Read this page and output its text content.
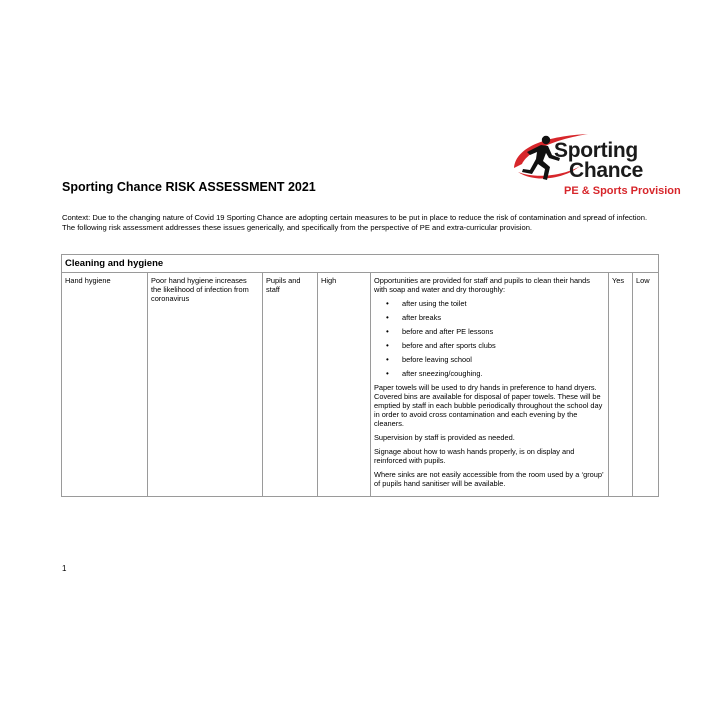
Sporting
Chance
PE & Sports Provision
Sporting Chance RISK ASSESSMENT 2021
Context: Due to the changing nature of Covid 19 Sporting Chance are adopting certain measures to be put in place to reduce the risk of contamination and spread of infection. The following risk assessment addresses these issues generically, and specifically from the perspective of PE and extra-curricular provision.
Cleaning and hygiene
Hand hygiene	Poor hand hygiene increases the likelihood of infection from coronavirus	Pupils and staff	High	Opportunities are provided for staff and pupils to clean their hands with soap and water and dry thoroughly:

• after using the toilet
• after breaks
• before and after PE lessons
• before and after sports clubs
• before leaving school
• after sneezing/coughing.

Paper towels will be used to dry hands in preference to hand dryers. Covered bins are available for disposal of paper towels. These will be emptied by staff in each bubble periodically throughout the school day in order to avoid cross contamination and each evening by the cleaners.

Supervision by staff is provided as needed.

Signage about how to wash hands properly, is on display and reinforced with pupils.

Where sinks are not easily accessible from the room used by a ‘group’ of pupils hand sanitiser will be available.

	Yes	Low
1
